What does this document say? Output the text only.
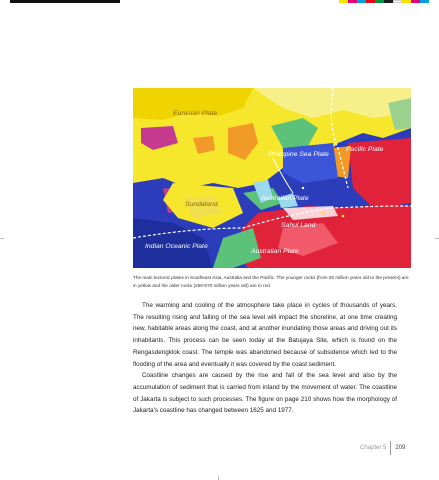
Eurasian Plate
Philippine Sea Plate
Pacific Plate
Sundaland
Australian Plate
Sahul Land
Indian Oceanic Plate
Australian Plate
The main tectonic plates in Southeast Asia, Australia and the Pacific. The younger rocks (from 60 million years old to the present) are in yellow and the older rocks (250-570 million years old) are in red.

The warming and cooling of the atmosphere take place in cycles of thousands of years. The resulting rising and falling of the sea level will impact the shoreline, at one time creating new, habitable areas along the coast, and at another inundating those areas and driving out its inhabitants. This process can be seen today at the Batujaya Site, which is found on the Rengasdengklok coast. The temple was abandoned because of subsidence which led to the flooding of the area and eventually it was covered by the coast sediment.

Coastline changes are caused by the rise and fall of the sea level and also by the accumulation of sediment that is carried from inland by the movement of water. The coastline of Jakarta is subject to such processes. The figure on page 210 shows how the morphology of Jakarta's coastline has changed between 1625 and 1977.

Chapter 5 209
